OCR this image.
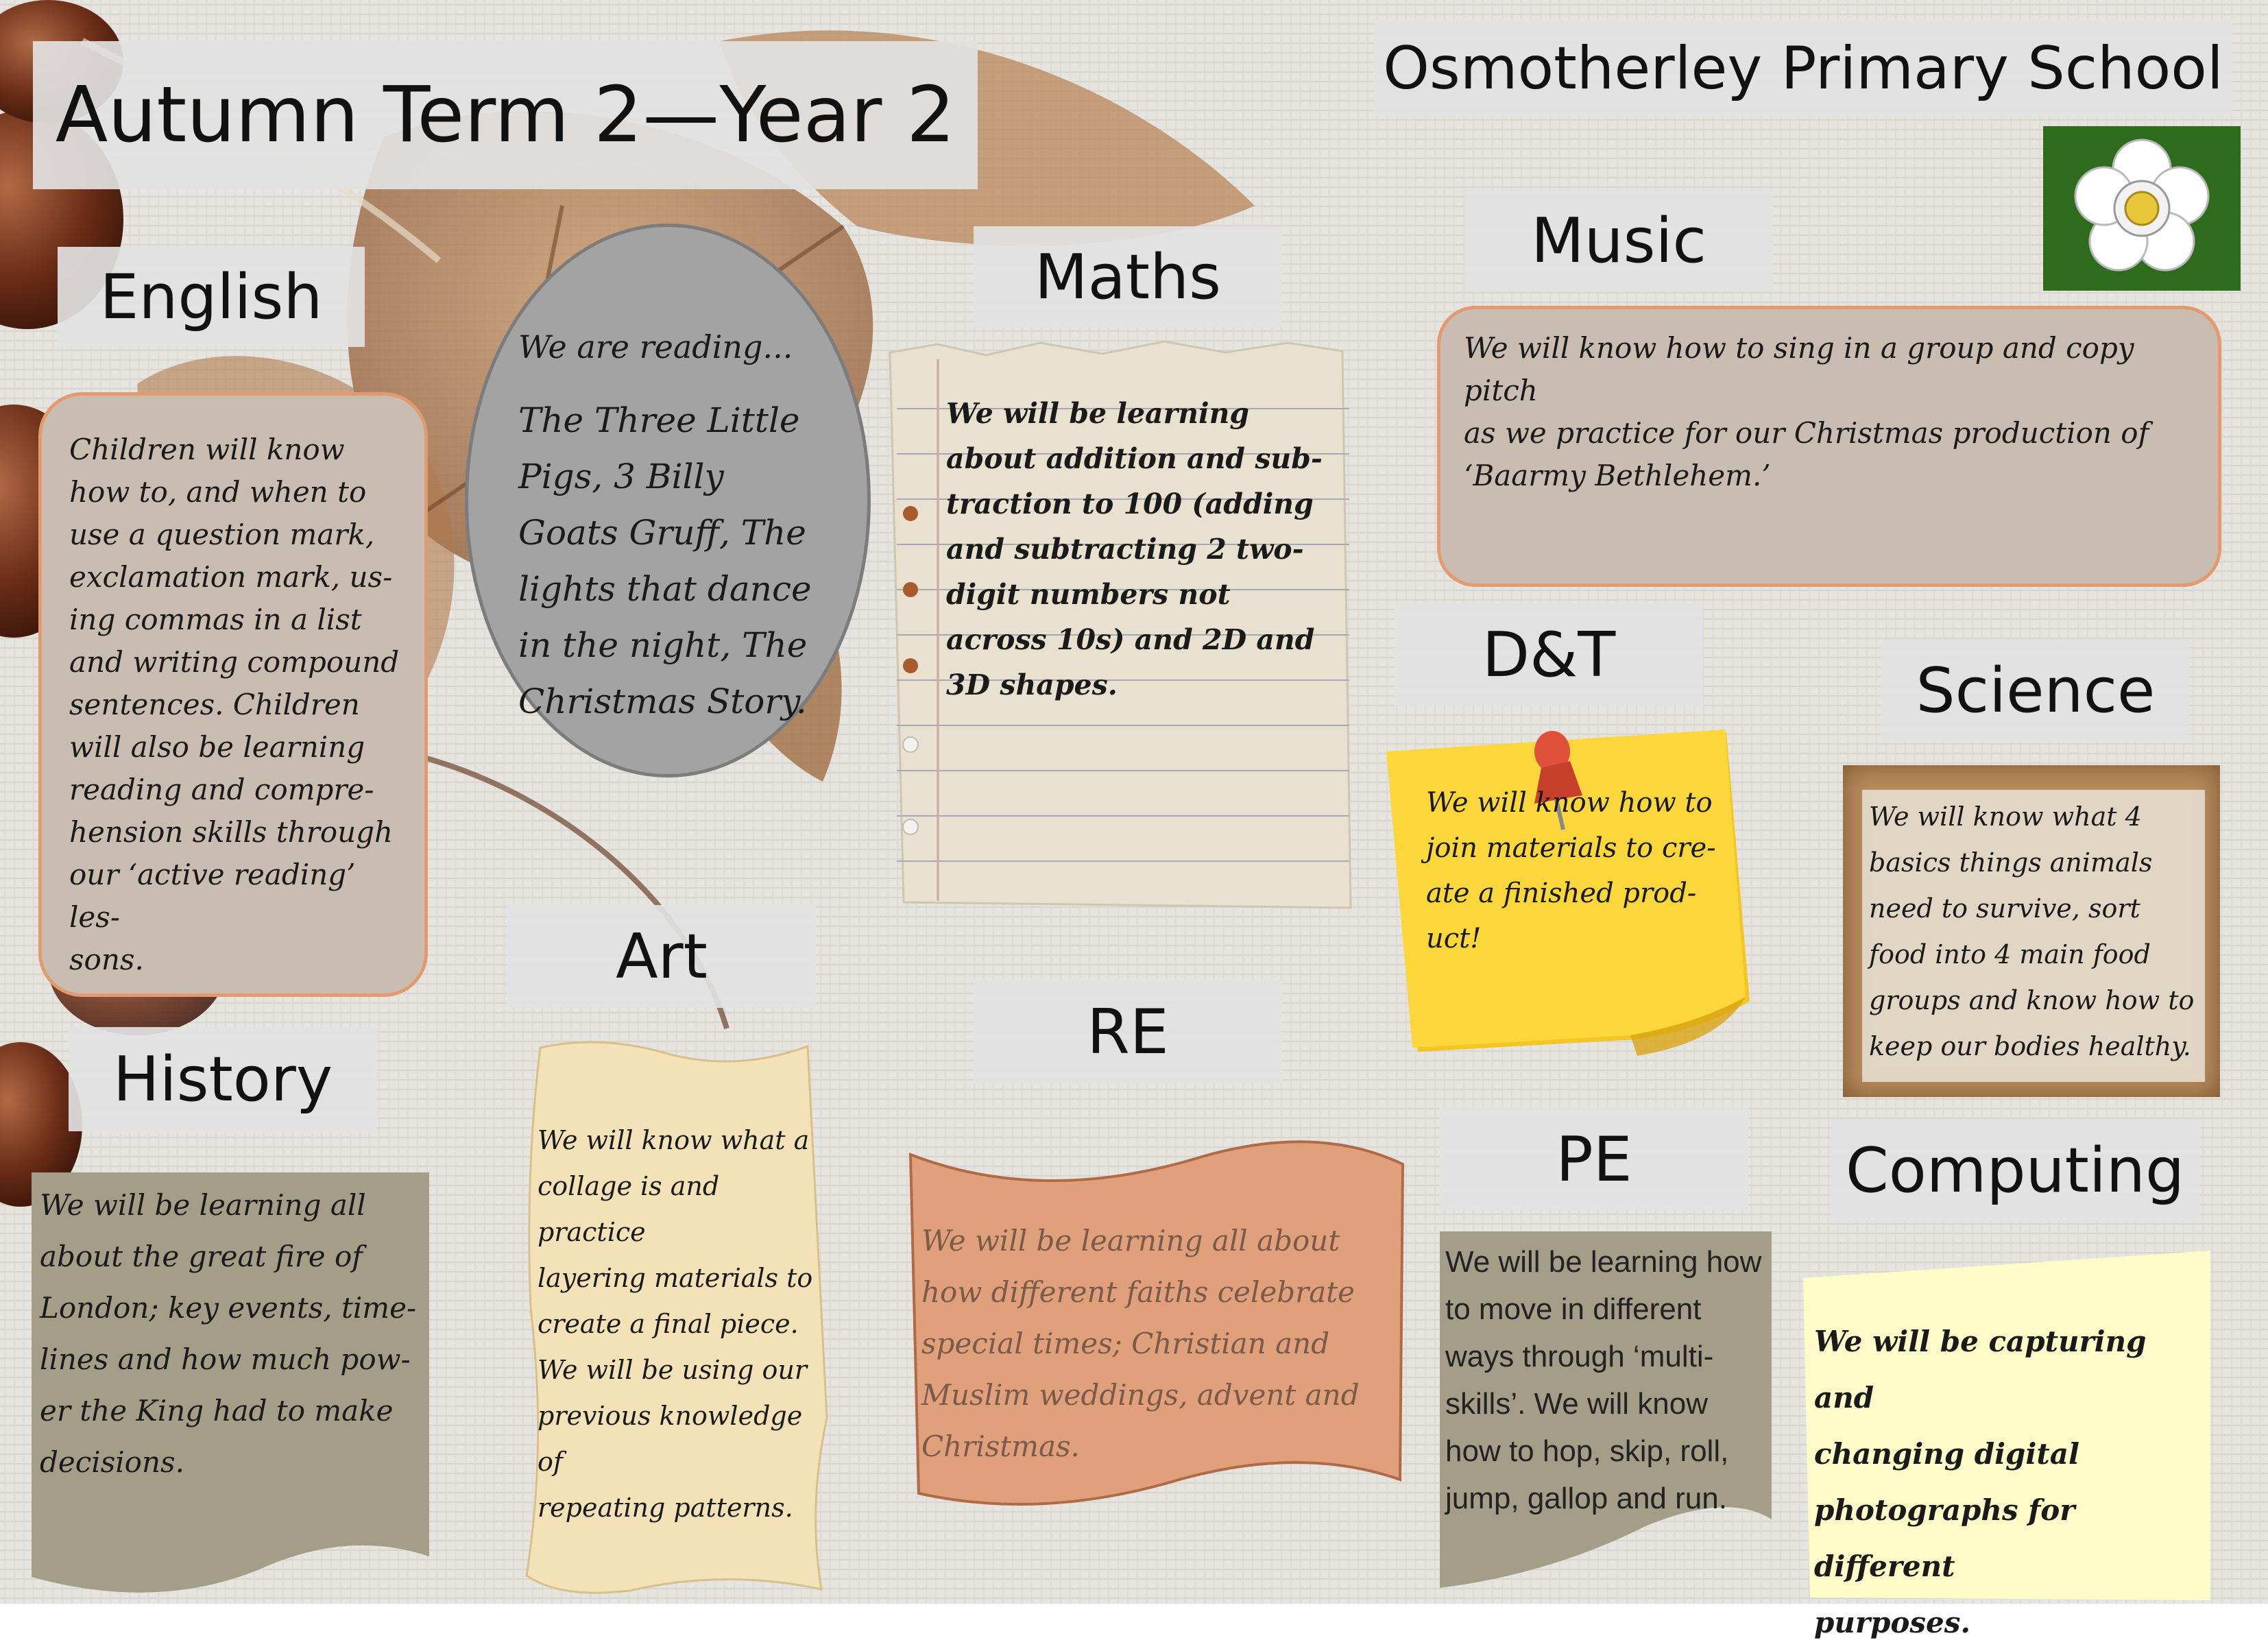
Autumn Term 2—Year 2
Osmotherley Primary School
English
Children will know
how to, and when to
use a question mark,
exclamation mark, us-
ing commas in a list
and writing compound
sentences. Children
will also be learning
reading and compre-
hension skills through
our ‘active reading’ les-
sons.
We are reading...
The Three Little
Pigs, 3 Billy
Goats Gruff, The
lights that dance
in the night, The
Christmas Story.
Maths
We will be learning
about addition and sub-
traction to 100 (adding
and subtracting 2 two-
digit numbers not
across 10s) and 2D and
3D shapes.
Music
We will know how to sing in a group and copy pitch
as we practice for our Christmas production of
‘Baarmy Bethlehem.’
D&T
We will know how to
join materials to cre-
ate a finished prod-
uct!
Science
We will know what 4
basics things animals
need to survive, sort
food into 4 main food
groups and know how to
keep our bodies healthy.
History
We will be learning all
about the great fire of
London; key events, time-
lines and how much pow-
er the King had to make
decisions.
Art
We will know what a
collage is and practice
layering materials to
create a final piece.
We will be using our
previous knowledge of
repeating patterns.
RE
We will be learning all about
how different faiths celebrate
special times; Christian and
Muslim weddings, advent and
Christmas.
PE
We will be learning how
to move in different
ways through ‘multi-
skills’. We will know
how to hop, skip, roll,
jump, gallop and run.
Computing
We will be capturing and
changing digital
photographs for different
purposes.
